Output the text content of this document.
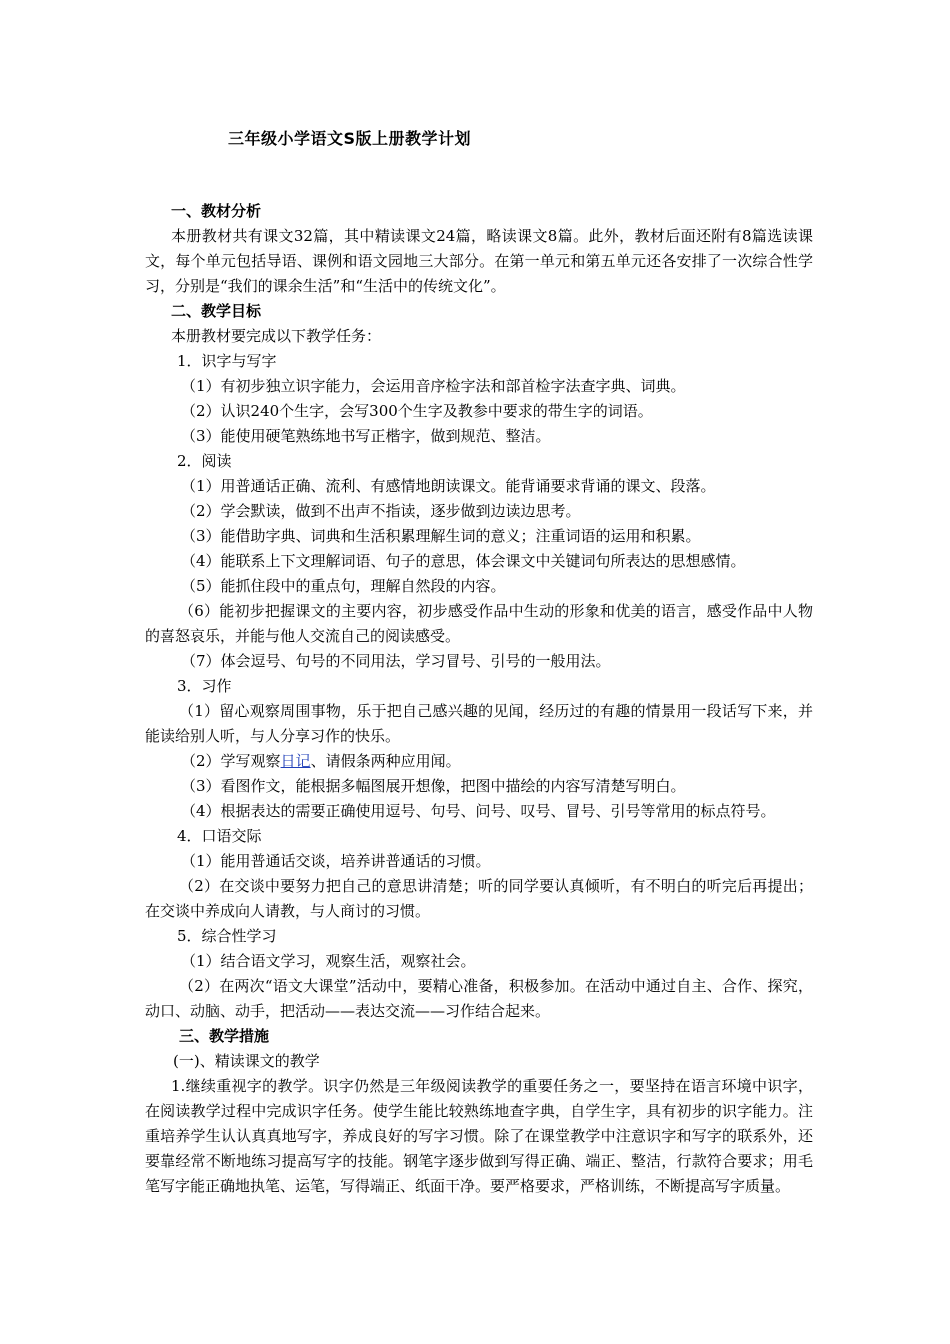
三年级小学语文S版上册教学计划

一、教材分析

本册教材共有课文32篇，其中精读课文24篇，略读课文8篇。此外，教材后面还附有8篇选读课文，每个单元包括导语、课例和语文园地三大部分。在第一单元和第五单元还各安排了一次综合性学习，分别是“我们的课余生活”和“生活中的传统文化”。

二、教学目标

本册教材要完成以下教学任务：

1．识字与写字

（1）有初步独立识字能力，会运用音序检字法和部首检字法查字典、词典。

（2）认识240个生字，会写300个生字及教参中要求的带生字的词语。

（3）能使用硬笔熟练地书写正楷字，做到规范、整洁。

2．阅读

（1）用普通话正确、流利、有感情地朗读课文。能背诵要求背诵的课文、段落。

（2）学会默读，做到不出声不指读，逐步做到边读边思考。

（3）能借助字典、词典和生活积累理解生词的意义；注重词语的运用和积累。

（4）能联系上下文理解词语、句子的意思，体会课文中关键词句所表达的思想感情。

（5）能抓住段中的重点句，理解自然段的内容。

（6）能初步把握课文的主要内容，初步感受作品中生动的形象和优美的语言，感受作品中人物的喜怒哀乐，并能与他人交流自己的阅读感受。

（7）体会逗号、句号的不同用法，学习冒号、引号的一般用法。

3．习作

（1）留心观察周围事物，乐于把自己感兴趣的见闻，经历过的有趣的情景用一段话写下来，并能读给别人听，与人分享习作的快乐。

（2）学写观察日记、请假条两种应用闻。

（3）看图作文，能根据多幅图展开想像，把图中描绘的内容写清楚写明白。

（4）根据表达的需要正确使用逗号、句号、问号、叹号、冒号、引号等常用的标点符号。

4．口语交际

（1）能用普通话交谈，培养讲普通话的习惯。

（2）在交谈中要努力把自己的意思讲清楚；听的同学要认真倾听，有不明白的听完后再提出；在交谈中养成向人请教，与人商讨的习惯。

5．综合性学习

（1）结合语文学习，观察生活，观察社会。

（2）在两次“语文大课堂”活动中，要精心准备，积极参加。在活动中通过自主、合作、探究，动口、动脑、动手，把活动——表达交流——习作结合起来。

三、教学措施

(一)、精读课文的教学

1.继续重视字的教学。识字仍然是三年级阅读教学的重要任务之一，要坚持在语言环境中识字，在阅读教学过程中完成识字任务。使学生能比较熟练地查字典，自学生字，具有初步的识字能力。注重培养学生认认真真地写字，养成良好的写字习惯。除了在课堂教学中注意识字和写字的联系外，还要靠经常不断地练习提高写字的技能。钢笔字逐步做到写得正确、端正、整洁，行款符合要求；用毛笔写字能正确地执笔、运笔，写得端正、纸面干净。要严格要求，严格训练，不断提高写字质量。
